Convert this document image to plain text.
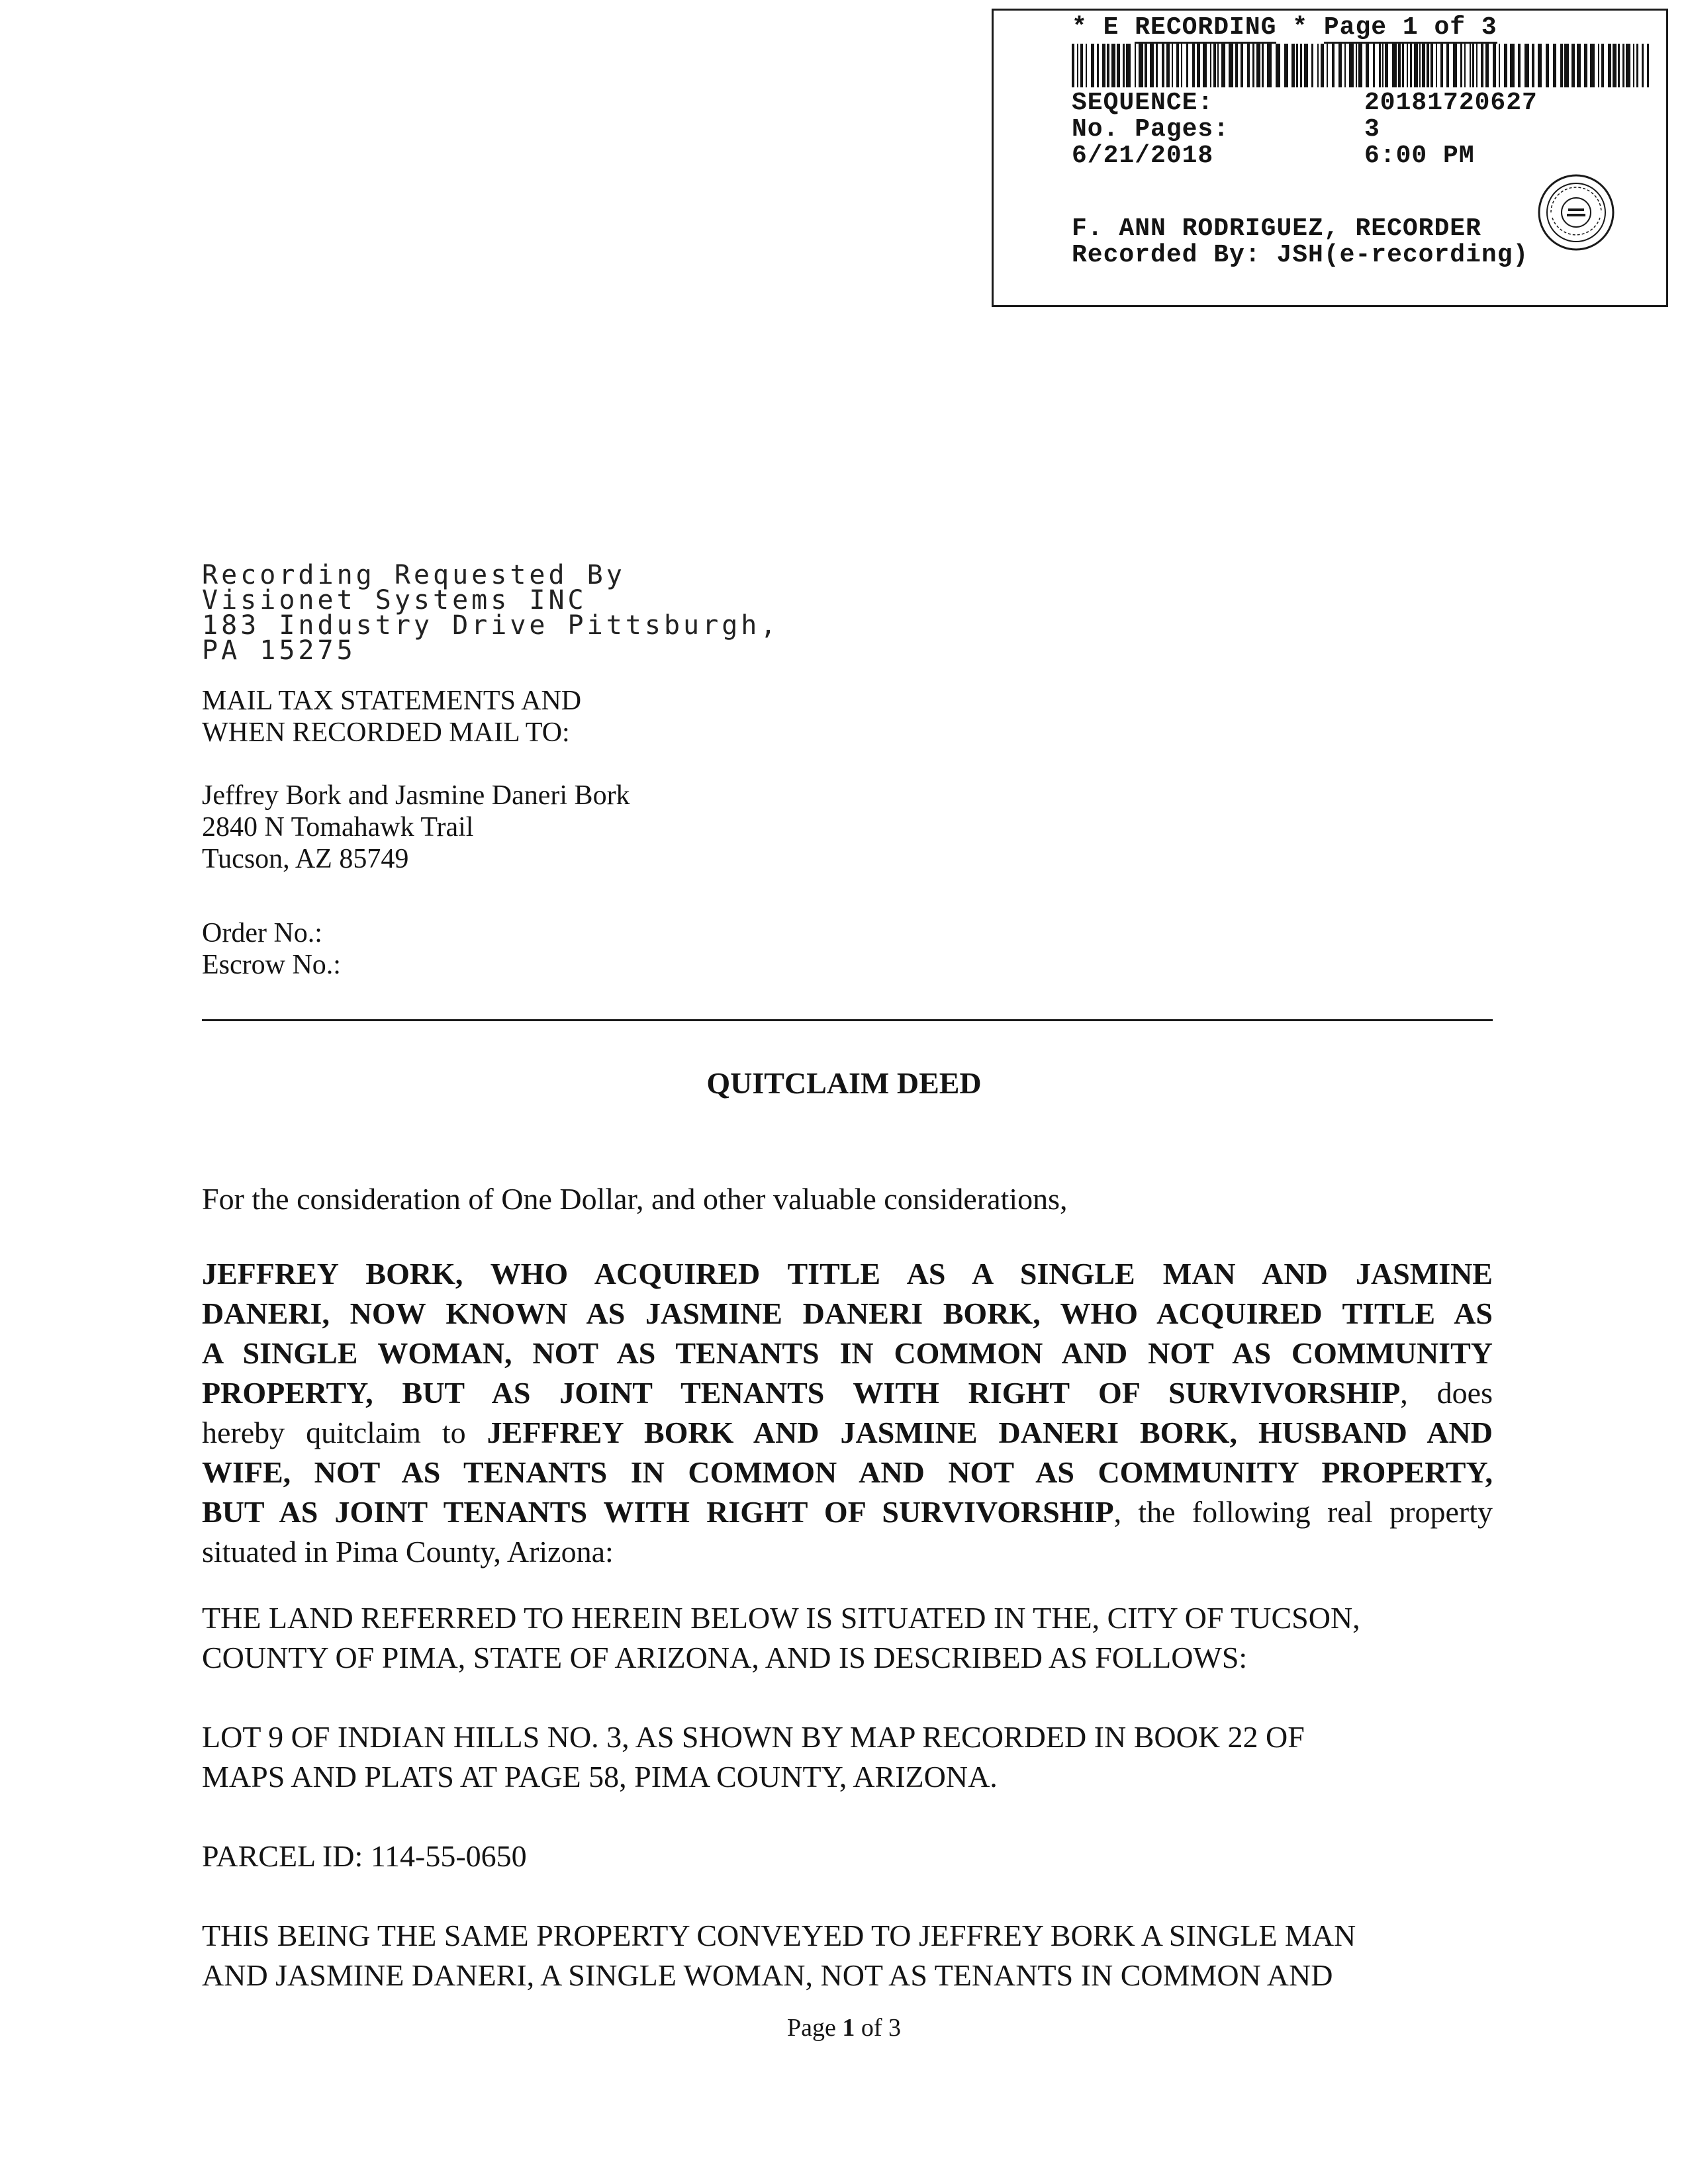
* E RECORDING * Page 1 of 3
SEQUENCE:	20181720627
No. Pages:	3
6/21/2018	6:00 PM
F. ANN RODRIGUEZ, RECORDER
Recorded By: JSH(e-recording)
Recording Requested By
Visionet Systems INC
183 Industry Drive Pittsburgh,
PA 15275
MAIL TAX STATEMENTS AND
WHEN RECORDED MAIL TO:
Jeffrey Bork and Jasmine Daneri Bork
2840 N Tomahawk Trail
Tucson, AZ 85749
Order No.:
Escrow No.:
QUITCLAIM DEED
For the consideration of One Dollar, and other valuable considerations,
JEFFREY BORK, WHO ACQUIRED TITLE AS A SINGLE MAN AND JASMINE
DANERI, NOW KNOWN AS JASMINE DANERI BORK, WHO ACQUIRED TITLE AS
A SINGLE WOMAN, NOT AS TENANTS IN COMMON AND NOT AS COMMUNITY
PROPERTY, BUT AS JOINT TENANTS WITH RIGHT OF SURVIVORSHIP, does
hereby quitclaim to JEFFREY BORK AND JASMINE DANERI BORK, HUSBAND AND
WIFE, NOT AS TENANTS IN COMMON AND NOT AS COMMUNITY PROPERTY,
BUT AS JOINT TENANTS WITH RIGHT OF SURVIVORSHIP, the following real property
situated in Pima County, Arizona:
THE LAND REFERRED TO HEREIN BELOW IS SITUATED IN THE, CITY OF TUCSON,
COUNTY OF PIMA, STATE OF ARIZONA, AND IS DESCRIBED AS FOLLOWS:
LOT 9 OF INDIAN HILLS NO. 3, AS SHOWN BY MAP RECORDED IN BOOK 22 OF
MAPS AND PLATS AT PAGE 58, PIMA COUNTY, ARIZONA.
PARCEL ID: 114-55-0650
THIS BEING THE SAME PROPERTY CONVEYED TO JEFFREY BORK A SINGLE MAN
AND JASMINE DANERI, A SINGLE WOMAN, NOT AS TENANTS IN COMMON AND
Page 1 of 3
